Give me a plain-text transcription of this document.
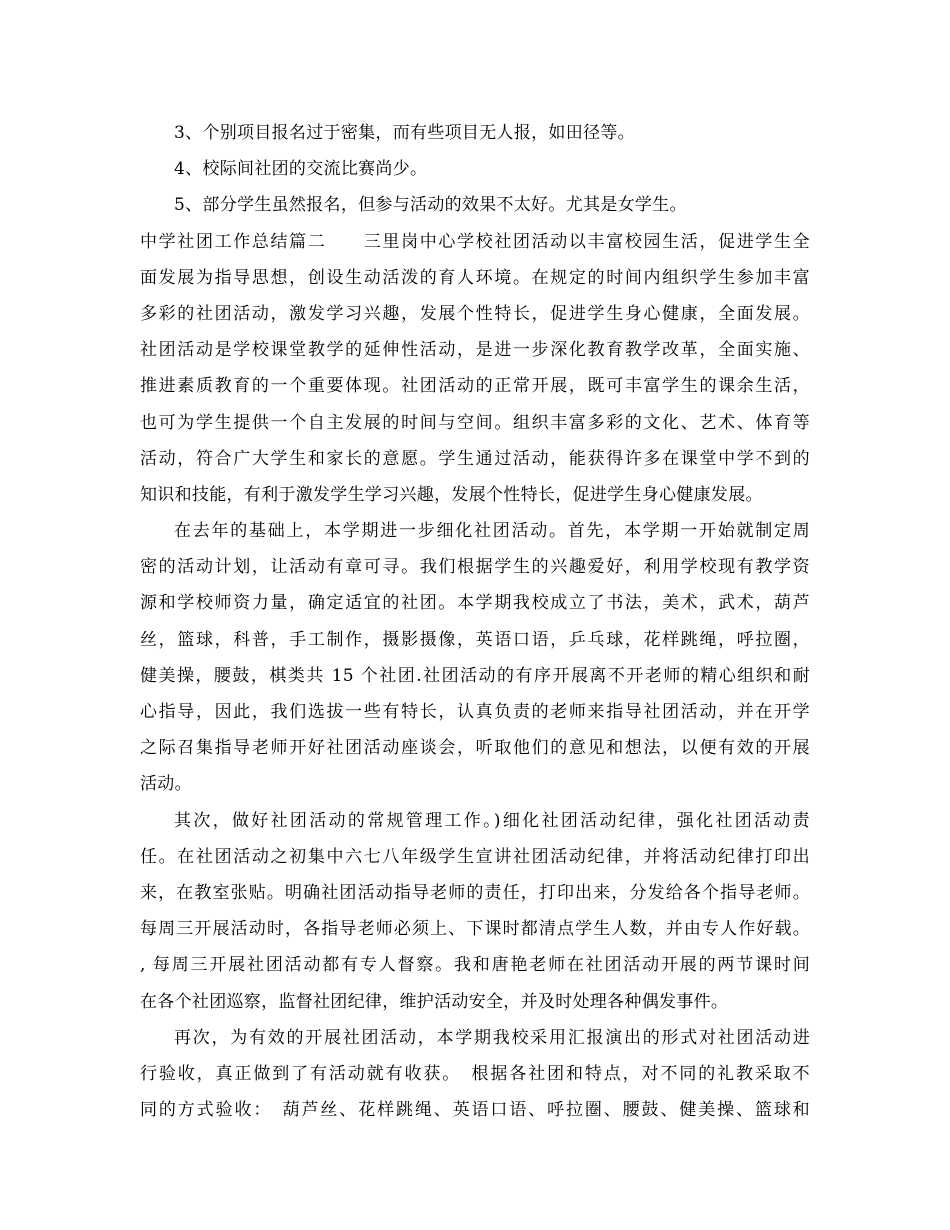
3、个别项目报名过于密集，而有些项目无人报，如田径等。
4、校际间社团的交流比赛尚少。
5、部分学生虽然报名，但参与活动的效果不太好。尤其是女学生。
中学社团工作总结篇二　　三里岗中心学校社团活动以丰富校园生活，促进学生全
面发展为指导思想，创设生动活泼的育人环境。在规定的时间内组织学生参加丰富
多彩的社团活动，激发学习兴趣，发展个性特长，促进学生身心健康，全面发展。
社团活动是学校课堂教学的延伸性活动，是进一步深化教育教学改革，全面实施、
推进素质教育的一个重要体现。社团活动的正常开展，既可丰富学生的课余生活，
也可为学生提供一个自主发展的时间与空间。组织丰富多彩的文化、艺术、体育等
活动，符合广大学生和家长的意愿。学生通过活动，能获得许多在课堂中学不到的
知识和技能，有利于激发学生学习兴趣，发展个性特长，促进学生身心健康发展。
在去年的基础上，本学期进一步细化社团活动。首先，本学期一开始就制定周
密的活动计划，让活动有章可寻。我们根据学生的兴趣爱好，利用学校现有教学资
源和学校师资力量，确定适宜的社团。本学期我校成立了书法，美术，武术，葫芦
丝，篮球，科普，手工制作，摄影摄像，英语口语，乒乓球，花样跳绳，呼拉圈，
健美操，腰鼓，棋类共 15 个社团.社团活动的有序开展离不开老师的精心组织和耐
心指导，因此，我们选拔一些有特长，认真负责的老师来指导社团活动，并在开学
之际召集指导老师开好社团活动座谈会，听取他们的意见和想法，以便有效的开展
活动。
其次，做好社团活动的常规管理工作。)细化社团活动纪律，强化社团活动责
任。在社团活动之初集中六七八年级学生宣讲社团活动纪律，并将活动纪律打印出
来，在教室张贴。明确社团活动指导老师的责任，打印出来，分发给各个指导老师。
每周三开展活动时，各指导老师必须上、下课时都清点学生人数，并由专人作好载。
, 每周三开展社团活动都有专人督察。我和唐艳老师在社团活动开展的两节课时间
在各个社团巡察，监督社团纪律，维护活动安全，并及时处理各种偶发事件。
再次，为有效的开展社团活动，本学期我校采用汇报演出的形式对社团活动进
行验收，真正做到了有活动就有收获。　根据各社团和特点，对不同的礼教采取不
同的方式验收：　葫芦丝、花样跳绳、英语口语、呼拉圈、腰鼓、健美操、篮球和
